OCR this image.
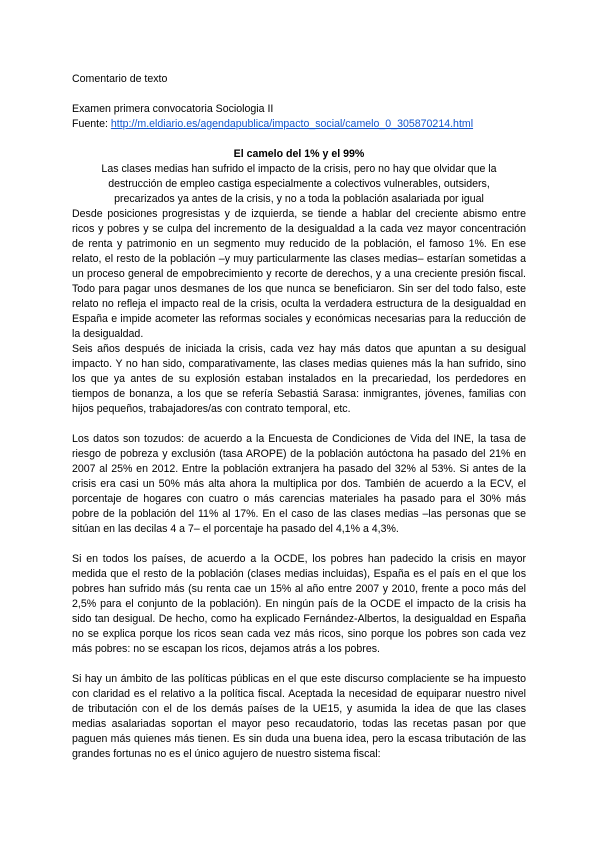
Comentario de texto
Examen primera convocatoria Sociologia II
Fuente: http://m.eldiario.es/agendapublica/impacto_social/camelo_0_305870214.html
El camelo del 1% y el 99%
Las clases medias han sufrido el impacto de la crisis, pero no hay que olvidar que la destrucción de empleo castiga especialmente a colectivos vulnerables, outsiders, precarizados ya antes de la crisis, y no a toda la población asalariada por igual
Desde posiciones progresistas y de izquierda, se tiende a hablar del creciente abismo entre ricos y pobres y se culpa del incremento de la desigualdad a la cada vez mayor concentración de renta y patrimonio en un segmento muy reducido de la población, el famoso 1%. En ese relato, el resto de la población –y muy particularmente las clases medias– estarían sometidas a un proceso general de empobrecimiento y recorte de derechos, y a una creciente presión fiscal. Todo para pagar unos desmanes de los que nunca se beneficiaron. Sin ser del todo falso, este relato no refleja el impacto real de la crisis, oculta la verdadera estructura de la desigualdad en España e impide acometer las reformas sociales y económicas necesarias para la reducción de la desigualdad.
Seis años después de iniciada la crisis, cada vez hay más datos que apuntan a su desigual impacto. Y no han sido, comparativamente, las clases medias quienes más la han sufrido, sino los que ya antes de su explosión estaban instalados en la precariedad, los perdedores en tiempos de bonanza, a los que se refería Sebastiá Sarasa: inmigrantes, jóvenes, familias con hijos pequeños, trabajadores/as con contrato temporal, etc.
Los datos son tozudos: de acuerdo a la Encuesta de Condiciones de Vida del INE, la tasa de riesgo de pobreza y exclusión (tasa AROPE) de la población autóctona ha pasado del 21% en 2007 al 25% en 2012. Entre la población extranjera ha pasado del 32% al 53%. Si antes de la crisis era casi un 50% más alta ahora la multiplica por dos. También de acuerdo a la ECV, el porcentaje de hogares con cuatro o más carencias materiales ha pasado para el 30% más pobre de la población del 11% al 17%. En el caso de las clases medias –las personas que se sitúan en las decilas 4 a 7– el porcentaje ha pasado del 4,1% a 4,3%.
Si en todos los países, de acuerdo a la OCDE, los pobres han padecido la crisis en mayor medida que el resto de la población (clases medias incluidas), España es el país en el que los pobres han sufrido más (su renta cae un 15% al año entre 2007 y 2010, frente a poco más del 2,5% para el conjunto de la población). En ningún país de la OCDE el impacto de la crisis ha sido tan desigual. De hecho, como ha explicado Fernández-Albertos, la desigualdad en España no se explica porque los ricos sean cada vez más ricos, sino porque los pobres son cada vez más pobres: no se escapan los ricos, dejamos atrás a los pobres.
Si hay un ámbito de las políticas públicas en el que este discurso complaciente se ha impuesto con claridad es el relativo a la política fiscal. Aceptada la necesidad de equiparar nuestro nivel de tributación con el de los demás países de la UE15, y asumida la idea de que las clases medias asalariadas soportan el mayor peso recaudatorio, todas las recetas pasan por que paguen más quienes más tienen. Es sin duda una buena idea, pero la escasa tributación de las grandes fortunas no es el único agujero de nuestro sistema fiscal:
